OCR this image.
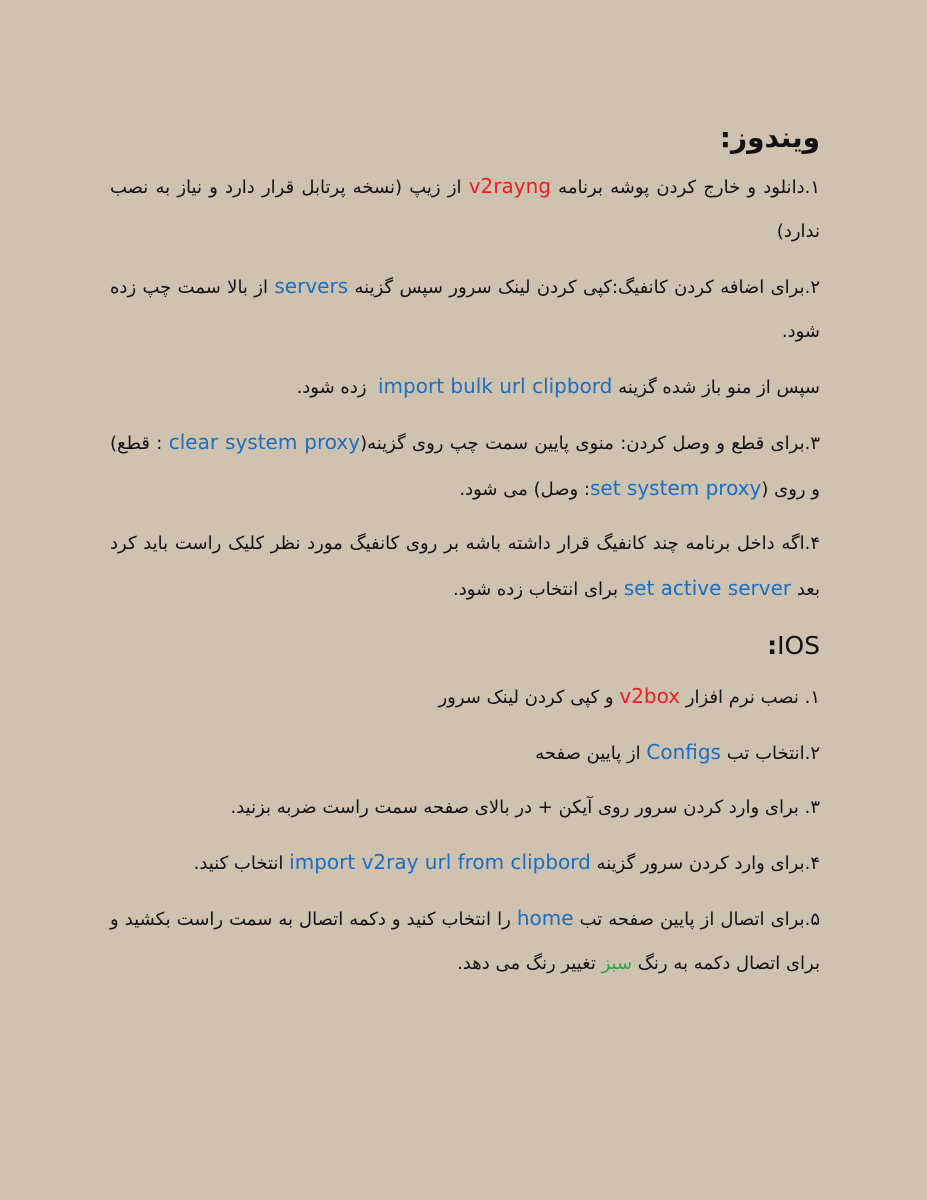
ویندوز:

۱.دانلود و خارج کردن پوشه برنامه v2rayng از زیپ (نسخه پرتابل قرار دارد و نیاز به نصب ندارد)

۲.برای اضافه کردن کانفیگ:کپی کردن لینک سرور سپس گزینه servers از بالا سمت چپ زده شود.

سپس از منو باز شده گزینه import bulk url clipbord  زده شود.

۳.برای قطع و وصل کردن: منوی پایین سمت چپ روی گزینه(clear system proxy : قطع) و روی (set system proxy: وصل) می شود.

۴.اگه داخل برنامه چند کانفیگ قرار داشته باشه بر روی کانفیگ مورد نظر کلیک راست باید کرد بعد set active server برای انتخاب زده شود.

IOS:

۱. نصب نرم افزار v2box و کپی کردن لینک سرور

۲.انتخاب تب Configs از پایین صفحه

۳. برای وارد کردن سرور روی آیکن + در بالای صفحه سمت راست ضربه بزنید.

۴.برای وارد کردن سرور گزینه import v2ray url from clipbord انتخاب کنید.

۵.برای اتصال از پایین صفحه تب home را انتخاب کنید و دکمه اتصال به سمت راست بکشید و برای اتصال دکمه به رنگ سبز تغییر رنگ می دهد.
